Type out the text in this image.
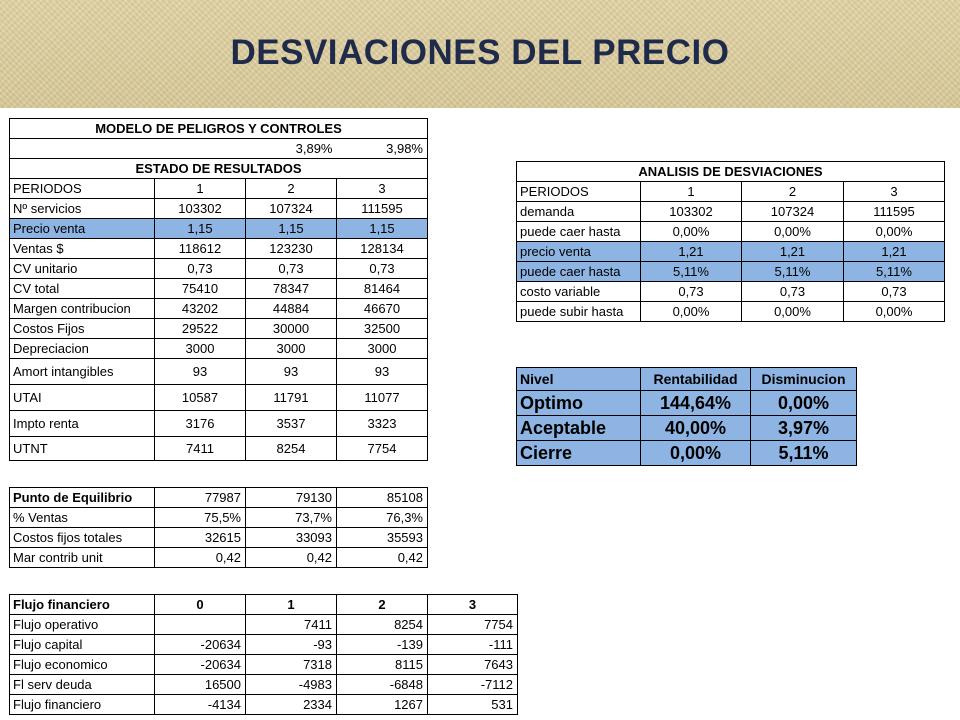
DESVIACIONES DEL PRECIO
MODELO DE PELIGROS Y CONTROLES			
		3,89%	3,98%
ESTADO DE RESULTADOS			
PERIODOS	1	2	3
Nº servicios	103302	107324	111595
Precio venta	1,15	1,15	1,15
Ventas $	118612	123230	128134
CV unitario	0,73	0,73	0,73
CV total	75410	78347	81464
Margen contribucion	43202	44884	46670
Costos Fijos	29522	30000	32500
Depreciacion	3000	3000	3000
Amort intangibles	93	93	93
UTAI	10587	11791	11077
Impto renta	3176	3537	3323
UTNT	7411	8254	7754
Punto de Equilibrio	77987	79130	85108
% Ventas	75,5%	73,7%	76,3%
Costos fijos totales	32615	33093	35593
Mar contrib unit	0,42	0,42	0,42
Flujo financiero	0	1	2	3
Flujo operativo		7411	8254	7754
Flujo capital	-20634	-93	-139	-111
Flujo economico	-20634	7318	8115	7643
Fl serv deuda	16500	-4983	-6848	-7112
Flujo financiero	-4134	2334	1267	531
ANALISIS DE DESVIACIONES			
PERIODOS	1	2	3
demanda	103302	107324	111595
puede caer hasta	0,00%	0,00%	0,00%
precio venta	1,21	1,21	1,21
puede caer hasta	5,11%	5,11%	5,11%
costo variable	0,73	0,73	0,73
puede subir hasta	0,00%	0,00%	0,00%
Nivel	Rentabilidad	Disminucion
Optimo	144,64%	0,00%
Aceptable	40,00%	3,97%
Cierre	0,00%	5,11%
